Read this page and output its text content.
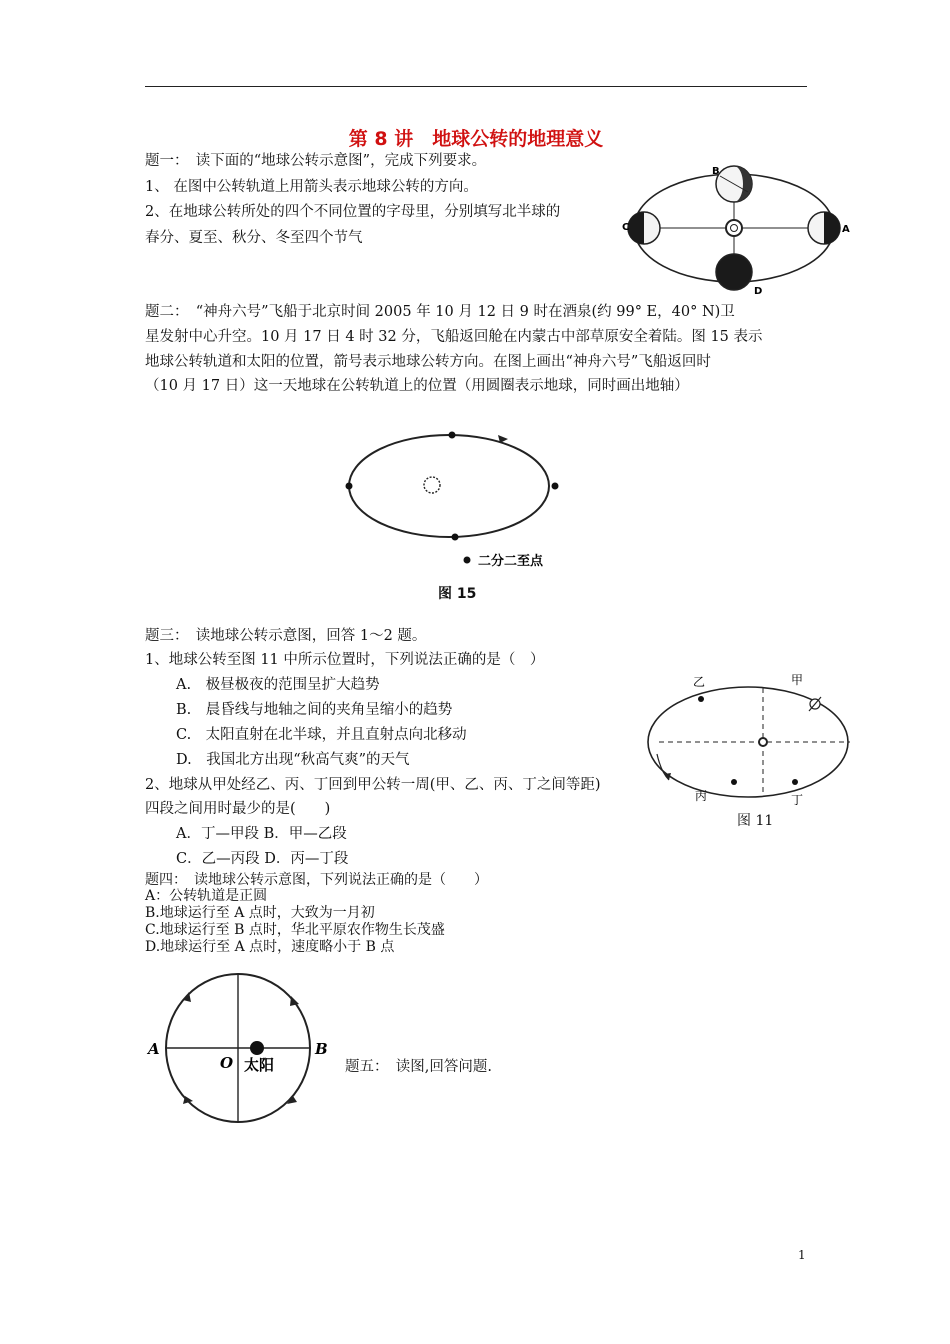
第 8 讲　地球公转的地理意义
题一：　读下面的“地球公转示意图”，完成下列要求。
1、 在图中公转轨道上用箭头表示地球公转的方向。
2、在地球公转所处的四个不同位置的字母里，分别填写北半球的
春分、夏至、秋分、冬至四个节气
B
C	A
D
题二：　“神舟六号”飞船于北京时间 2005 年 10 月 12 日 9 时在酒泉(约 99° E，40° N)卫
星发射中心升空。10 月 17 日 4 时 32 分，飞船返回舱在内蒙古中部草原安全着陆。图 15 表示
地球公转轨道和太阳的位置，箭号表示地球公转方向。在图上画出“神舟六号”飞船返回时
（10 月 17 日）这一天地球在公转轨道上的位置（用圆圈表示地球，同时画出地轴）
二分二至点
图 15
题三：　读地球公转示意图，回答 1～2 题。
1、地球公转至图 11 中所示位置时，下列说法正确的是（　）
A.　极昼极夜的范围呈扩大趋势
B.　晨昏线与地轴之间的夹角呈缩小的趋势
C.　太阳直射在北半球，并且直射点向北移动
D.　我国北方出现“秋高气爽”的天气
2、地球从甲处经乙、丙、丁回到甲公转一周(甲、乙、丙、丁之间等距)
四段之间用时最少的是(　　)
A．丁—甲段 B．甲—乙段
C．乙—丙段 D．丙—丁段
乙	甲
丙	丁
图 11
题四：　读地球公转示意图，下列说法正确的是（　　）
A：公转轨道是正圆
B.地球运行至 A 点时，大致为一月初
C.地球运行至 B 点时，华北平原农作物生长茂盛
D.地球运行至 A 点时，速度略小于 B 点
A	B
O 太阳	题五：　读图,回答问题.
1
